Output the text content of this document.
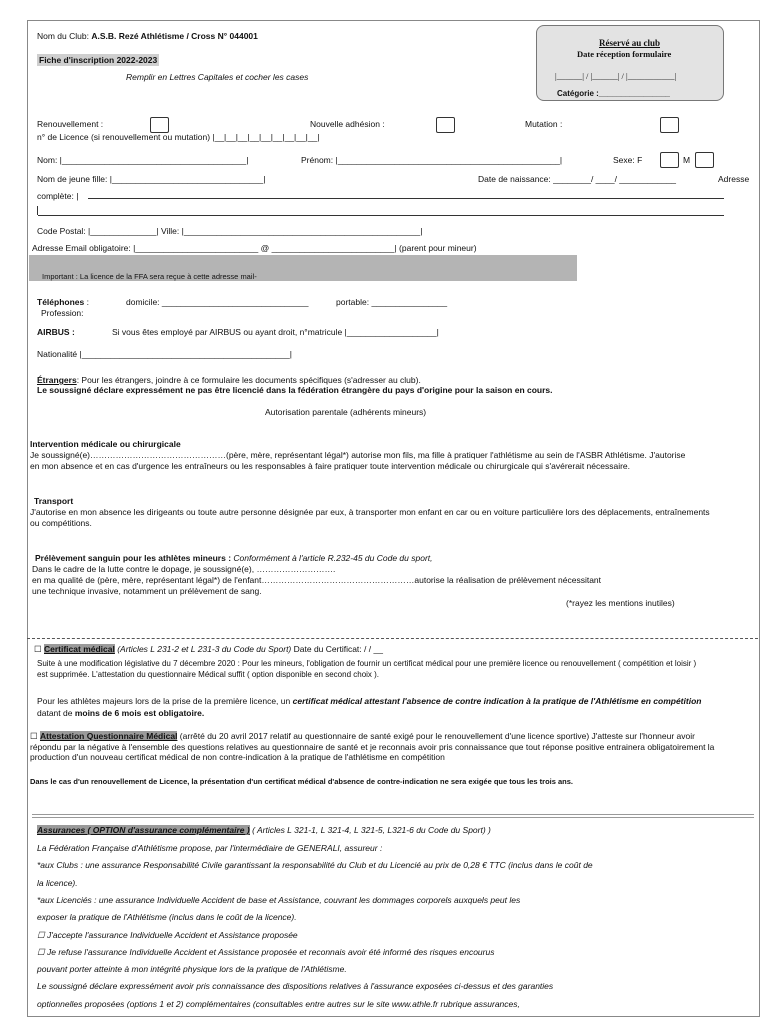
Nom du Club: A.S.B. Rezé Athlétisme / Cross N° 044001
Fiche d'inscription 2022-2023
Remplir en Lettres Capitales et cocher les cases
Réservé au club
Date réception formulaire
|______| / |______| / |___________|
Catégorie :________________
Renouvellement :	Nouvelle adhésion :	Mutation :
n° de Licence (si renouvellement ou mutation) |__|__|__|__|__|__|__|__|__|
Nom: |_______________________________________|	Prénom: |_______________________________________________|	Sexe: F	M
Nom de jeune fille: |________________________________|	Date de naissance: ________/ ____/ ____________	Adresse
complète: |
Code Postal: |______________| Ville: |__________________________________________________|
Adresse Email obligatoire: |__________________________ @ __________________________| (parent pour mineur)
Important : La licence de la FFA sera reçue à cette adresse mail-
Téléphones :	domicile: _______________________________	portable: ________________
Profession:
AIRBUS :	Si vous êtes employé par AIRBUS ou ayant droit, n°matricule |___________________|
Nationalité |____________________________________________|
Étrangers: Pour les étrangers, joindre à ce formulaire les documents spécifiques (s'adresser au club).
Le soussigné déclare expressément ne pas être licencié dans la fédération étrangère du pays d'origine pour la saison en cours.
Autorisation parentale (adhérents mineurs)
Intervention médicale ou chirurgicale
Je soussigné(e)…………………………………………(père, mère, représentant légal*) autorise mon fils, ma fille à pratiquer l'athlétisme au sein de l'ASBR Athlétisme. J'autorise en mon absence et en cas d'urgence les entraîneurs ou les responsables à faire pratiquer toute intervention médicale ou chirurgicale qui s'avérerait nécessaire.
Transport
J'autorise en mon absence les dirigeants ou toute autre personne désignée par eux, à transporter mon enfant en car ou en voiture particulière lors des déplacements, entraînements ou compétitions.
Prélèvement sanguin pour les athlètes mineurs : Conformément à l'article R.232-45 du Code du sport,
Dans le cadre de la lutte contre le dopage, je soussigné(e), ……………………….
en ma qualité de (père, mère, représentant légal*) de l'enfant………………………………………………autorise la réalisation de prélèvement nécessitant
une technique invasive, notamment un prélèvement de sang.
(*rayez les mentions inutiles)
☐ Certificat médical (Articles L 231-2 et L 231-3 du Code du Sport) Date du Certificat: / / __
Suite à une modification législative du 7 décembre 2020 : Pour les mineurs, l'obligation de fournir un certificat médical pour une première licence ou renouvellement ( compétition et loisir ) est supprimée. L'attestation du questionnaire Médical suffit ( option disponible en second choix ).
Pour les athlètes majeurs lors de la prise de la première licence, un certificat médical attestant l'absence de contre indication à la pratique de l'Athlétisme en compétition datant de moins de 6 mois est obligatoire.
☐ Attestation Questionnaire Médical (arrêté du 20 avril 2017 relatif au questionnaire de santé exigé pour le renouvellement d'une licence sportive) J'atteste sur l'honneur avoir répondu par la négative à l'ensemble des questions relatives au questionnaire de santé et je reconnais avoir pris connaissance que tout réponse positive entrainera obligatoirement la production d'un nouveau certificat médical de non contre-indication à la pratique de l'athlétisme en compétition
Dans le cas d'un renouvellement de Licence, la présentation d'un certificat médical d'absence de contre-indication ne sera exigée que tous les trois ans.
Assurances ( OPTION d'assurance complémentaire ) ( Articles L 321-1, L 321-4, L 321-5, L321-6 du Code du Sport) )
La Fédération Française d'Athlétisme propose, par l'intermédiaire de GENERALI, assureur :
*aux Clubs : une assurance Responsabilité Civile garantissant la responsabilité du Club et du Licencié au prix de 0,28 € TTC (inclus dans le coût de
la licence).
*aux Licenciés : une assurance Individuelle Accident de base et Assistance, couvrant les dommages corporels auxquels peut les
exposer la pratique de l'Athlétisme (inclus dans le coût de la licence).
☐ J'accepte l'assurance Individuelle Accident et Assistance proposée
☐ Je refuse l'assurance Individuelle Accident et Assistance proposée et reconnais avoir été informé des risques encourus
pouvant porter atteinte à mon intégrité physique lors de la pratique de l'Athlétisme.
Le soussigné déclare expressément avoir pris connaissance des dispositions relatives à l'assurance exposées ci-dessus et des garanties
optionnelles proposées (options 1 et 2) complémentaires (consultables entre autres sur le site www.athle.fr rubrique assurances,
